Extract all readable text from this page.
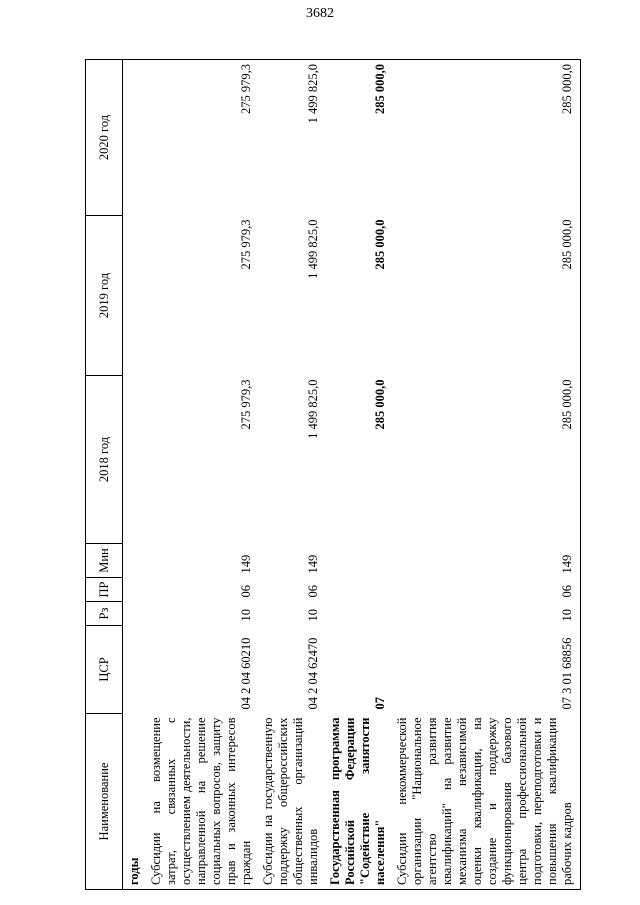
3682
Наименование	ЦСР	Рз	ПР	Мин	2018 год	2019 год	2020 год
годы							
Субсидии на возмещение затрат, связанных с осуществлением деятельности, направленной на решение социальных вопросов, защиту прав и законных интересов граждан	04 2 04 60210	10	06	149	275 979,3	275 979,3	275 979,3
Субсидии на государственную поддержку общероссийских общественных организаций инвалидов	04 2 04 62470	10	06	149	1 499 825,0	1 499 825,0	1 499 825,0
Государственная программа Российской Федерации "Содействие занятости населения"	07				285 000,0	285 000,0	285 000,0
Субсидии некоммерческой организации "Национальное агентство развития квалификаций" на развитие механизма независимой оценки квалификации, на создание и поддержку функционирования базового центра профессиональной подготовки, переподготовки и повышения квалификации рабочих кадров	07 3 01 68856	10	06	149	285 000,0	285 000,0	285 000,0
